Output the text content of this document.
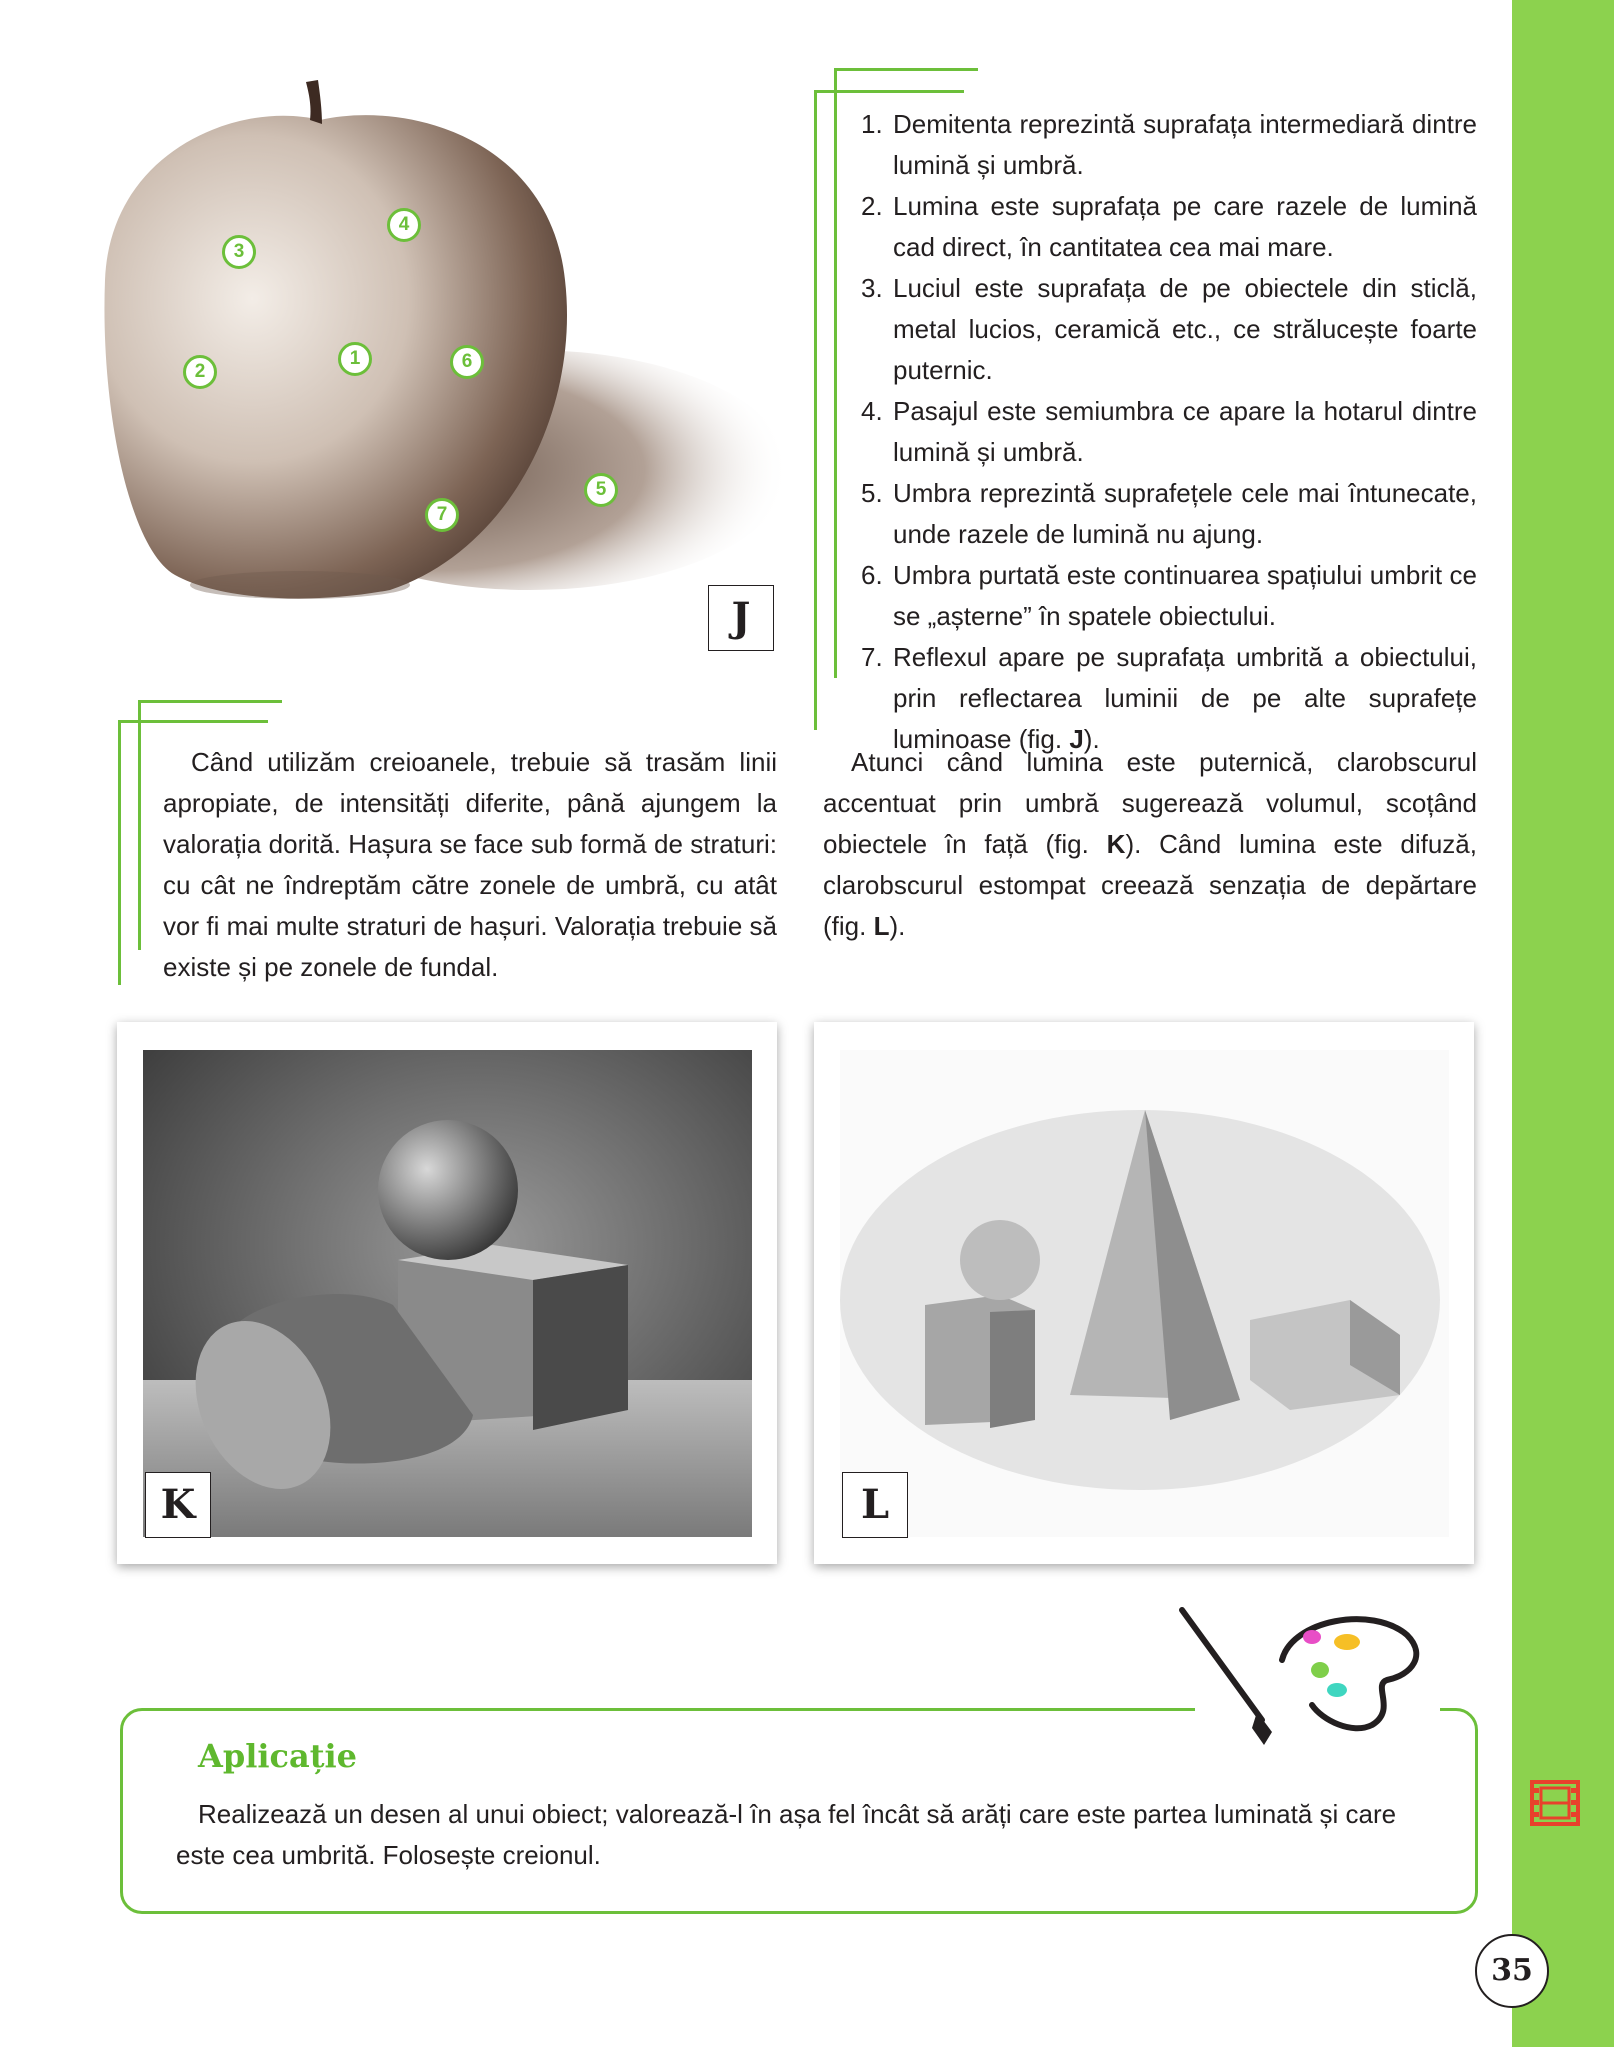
3
4
2
1	6
5
7
J
1. Demitenta reprezintă suprafața intermediară dintre lumină și umbră.
2. Lumina este suprafața pe care razele de lumină cad direct, în cantitatea cea mai mare.
3. Luciul este suprafața de pe obiectele din sticlă, metal lucios, ceramică etc., ce strălucește foarte puternic.
4. Pasajul este semiumbra ce apare la hotarul dintre lumină și umbră.
5. Umbra reprezintă suprafețele cele mai întunecate, unde razele de lumină nu ajung.
6. Umbra purtată este continuarea spațiului umbrit ce se „așterne” în spatele obiectului.
7. Reflexul apare pe suprafața umbrită a obiectului, prin reflectarea luminii de pe alte suprafețe luminoase (fig. J).

Când utilizăm creioanele, trebuie să trasăm linii apropiate, de intensități diferite, până ajungem la valorația dorită. Hașura se face sub formă de straturi: cu cât ne îndreptăm către zonele de umbră, cu atât vor fi mai multe straturi de hașuri. Valorația trebuie să existe și pe zonele de fundal.

Atunci când lumina este puternică, clarobscurul accentuat prin umbră sugerează volumul, scoțând obiectele în față (fig. K). Când lumina este difuză, clarobscurul estompat creează senzația de depărtare (fig. L).

K	L
Aplicație

Realizează un desen al unui obiect; valorează-l în așa fel încât să arăți care este partea luminată și care este cea umbrită. Folosește creionul.

35
